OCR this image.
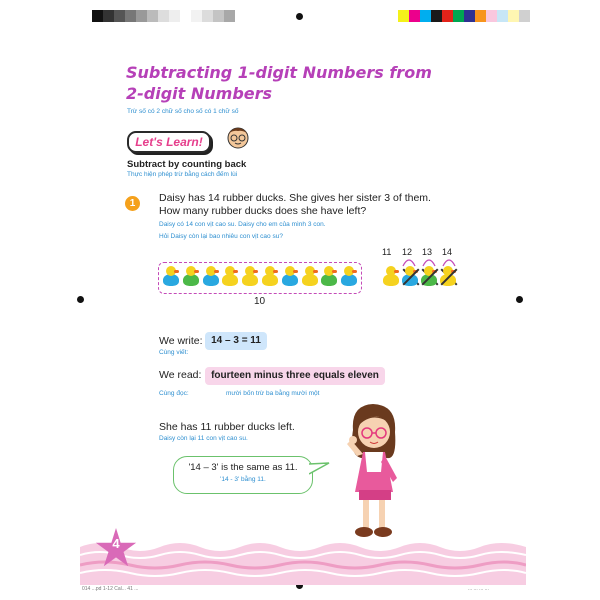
Subtracting 1-digit Numbers from
2-digit Numbers
Trừ số có 2 chữ số cho số có 1 chữ số
Let's Learn!
Subtract by counting back
Thực hiện phép trừ bằng cách đếm lùi
1	Daisy has 14 rubber ducks. She gives her sister 3 of them.
How many rubber ducks does she have left?
Daisy có 14 con vịt cao su. Daisy cho em của mình 3 con.
Hỏi Daisy còn lại bao nhiêu con vịt cao su?
10
11 12 13 14
We write:
Cùng viết:
14 – 3 = 11
We read:
Cùng đọc:
fourteen minus three equals eleven
mười bốn trừ ba bằng mười một
She has 11 rubber ducks left.
Daisy còn lại 11 con vịt cao su.
'14 – 3' is the same as 11.
'14 - 3' bằng 11.
4
014 ...pd 1-12 Cal... 41 ...	... ... ... ...
